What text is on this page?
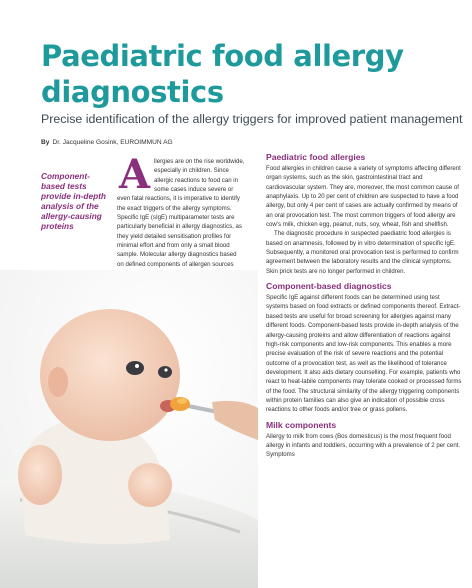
Paediatric food allergy diagnostics

Precise identification of the allergy triggers for improved patient management

By Dr. Jacqueline Gosink, EUROIMMUN AG
Component-based tests provide in-depth analysis of the allergy-causing proteins
A llergies are on the rise worldwide, especially in children. Since allergic reactions to food can in some cases induce severe or even fatal reactions, it is imperative to identify the exact triggers of the allergy symptoms. Specific IgE (sIgE) multiparameter tests are particularly beneficial in allergy diagnostics, as they yield detailed sensitisation profiles for minimal effort and from only a small blood sample. Molecular allergy diagnostics based on defined components of allergen sources
Paediatric food allergies

Food allergies in children cause a variety of symptoms affecting different organ systems, such as the skin, gastrointestinal tract and cardiovascular system. They are, moreover, the most common cause of anaphylaxis. Up to 20 per cent of children are suspected to have a food allergy, but only 4 per cent of cases are actually confirmed by means of an oral provocation test. The most common triggers of food allergy are cow's milk, chicken egg, peanut, nuts, soy, wheat, fish and shellfish.

The diagnostic procedure in suspected paediatric food allergies is based on anamnesis, followed by in vitro determination of specific IgE. Subsequently, a monitored oral provocation test is performed to confirm agreement between the laboratory results and the clinical symptoms. Skin prick tests are no longer performed in children.

Component-based diagnostics

Specific IgE against different foods can be determined using test systems based on food extracts or defined components thereof. Extract-based tests are useful for broad screening for allergies against many different foods. Component-based tests provide in-depth analysis of the allergy-causing proteins and allow differentiation of reactions against high-risk components and low-risk components. This enables a more precise evaluation of the risk of severe reactions and the potential outcome of a provocation test, as well as the likelihood of tolerance development. It also aids dietary counselling. For example, patients who react to heat-labile components may tolerate cooked or processed forms of the food. The structural similarity of the allergy triggering components within protein families can also give an indication of possible cross reactions to other foods and/or tree or grass pollens.

Milk components

Allergy to milk from cows (Bos domesticus) is the most frequent food allergy in infants and toddlers, occurring with a prevalence of 2 per cent. Symptoms
